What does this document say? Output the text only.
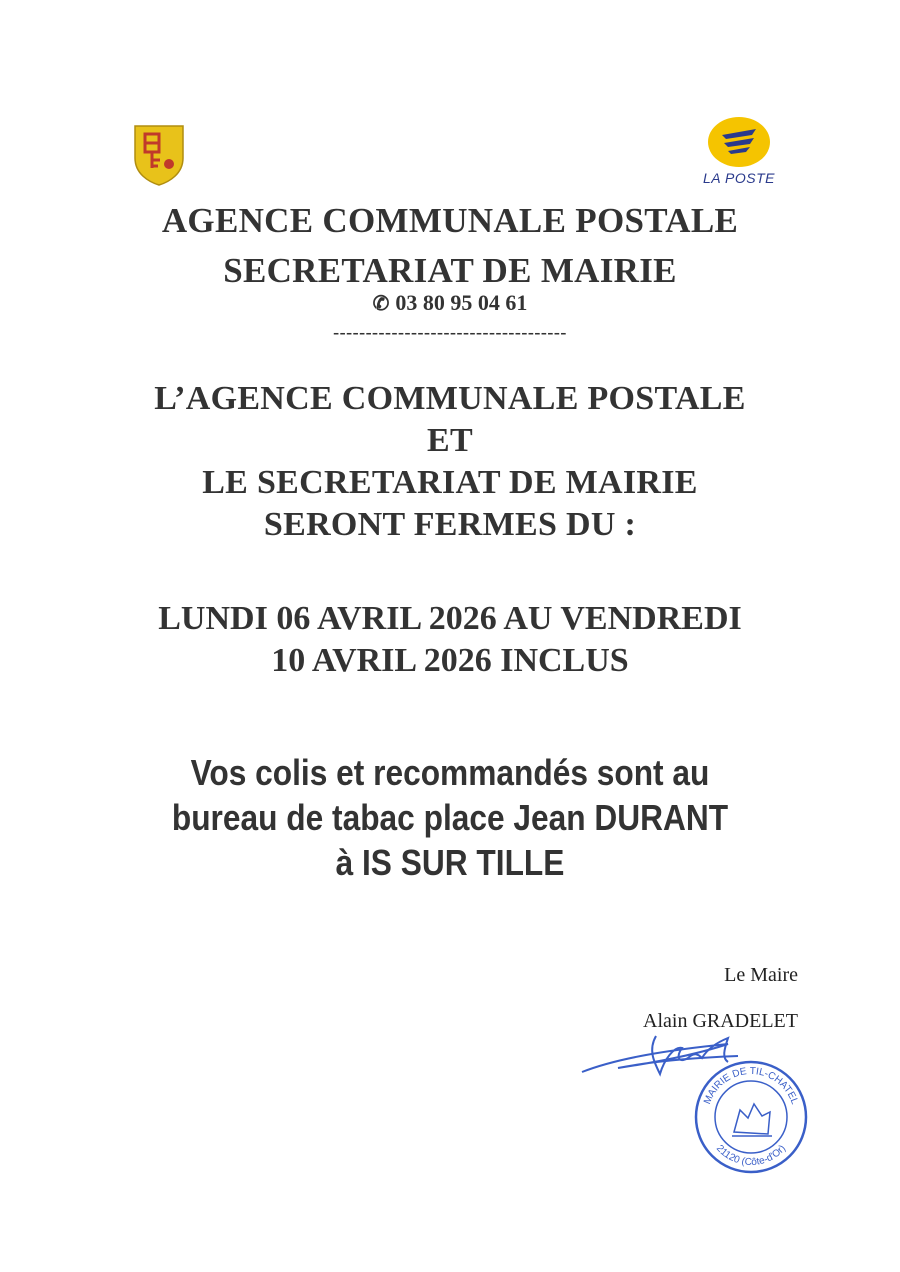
LA POSTE
AGENCE COMMUNALE POSTALE
SECRETARIAT DE MAIRIE
✆ 03 80 95 04 61
------------------------------------
L’AGENCE COMMUNALE POSTALE
ET
LE SECRETARIAT DE MAIRIE
SERONT FERMES DU :
LUNDI 06 AVRIL 2026 AU VENDREDI
10 AVRIL 2026 INCLUS
Vos colis et recommandés sont au
bureau de tabac place Jean DURANT
à IS SUR TILLE
Le Maire
Alain GRADELET
MAIRIE DE TIL-CHATEL
21120 (Côte-d'Or)
